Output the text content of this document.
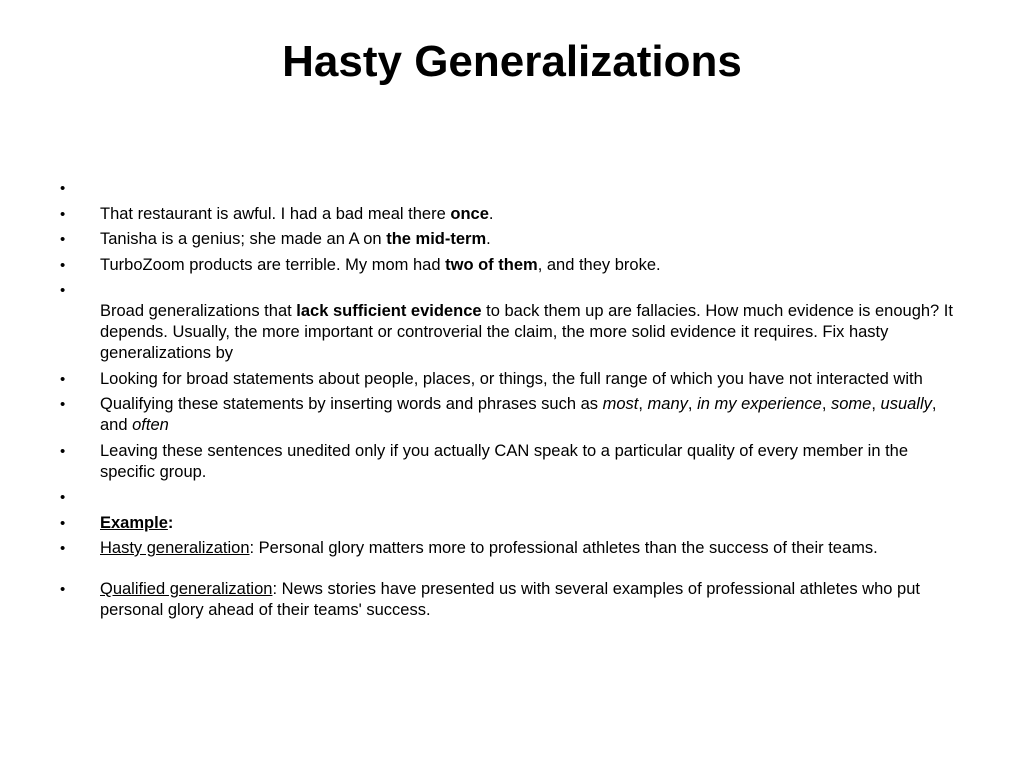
Hasty Generalizations
•
• That restaurant is awful. I had a bad meal there once.
• Tanisha is a genius; she made an A on the mid-term.
• TurboZoom products are terrible. My mom had two of them, and they broke.
•

Broad generalizations that lack sufficient evidence to back them up are fallacies. How much evidence is enough? It depends. Usually, the more important or controverial the claim, the more solid evidence it requires. Fix hasty generalizations by
• Looking for broad statements about people, places, or things, the full range of which you have not interacted with
• Qualifying these statements by inserting words and phrases such as most, many, in my experience, some, usually, and often
• Leaving these sentences unedited only if you actually CAN speak to a particular quality of every member in the specific group.
•
• Example:
• Hasty generalization: Personal glory matters more to professional athletes than the success of their teams.
• Qualified generalization: News stories have presented us with several examples of professional athletes who put personal glory ahead of their teams' success.
